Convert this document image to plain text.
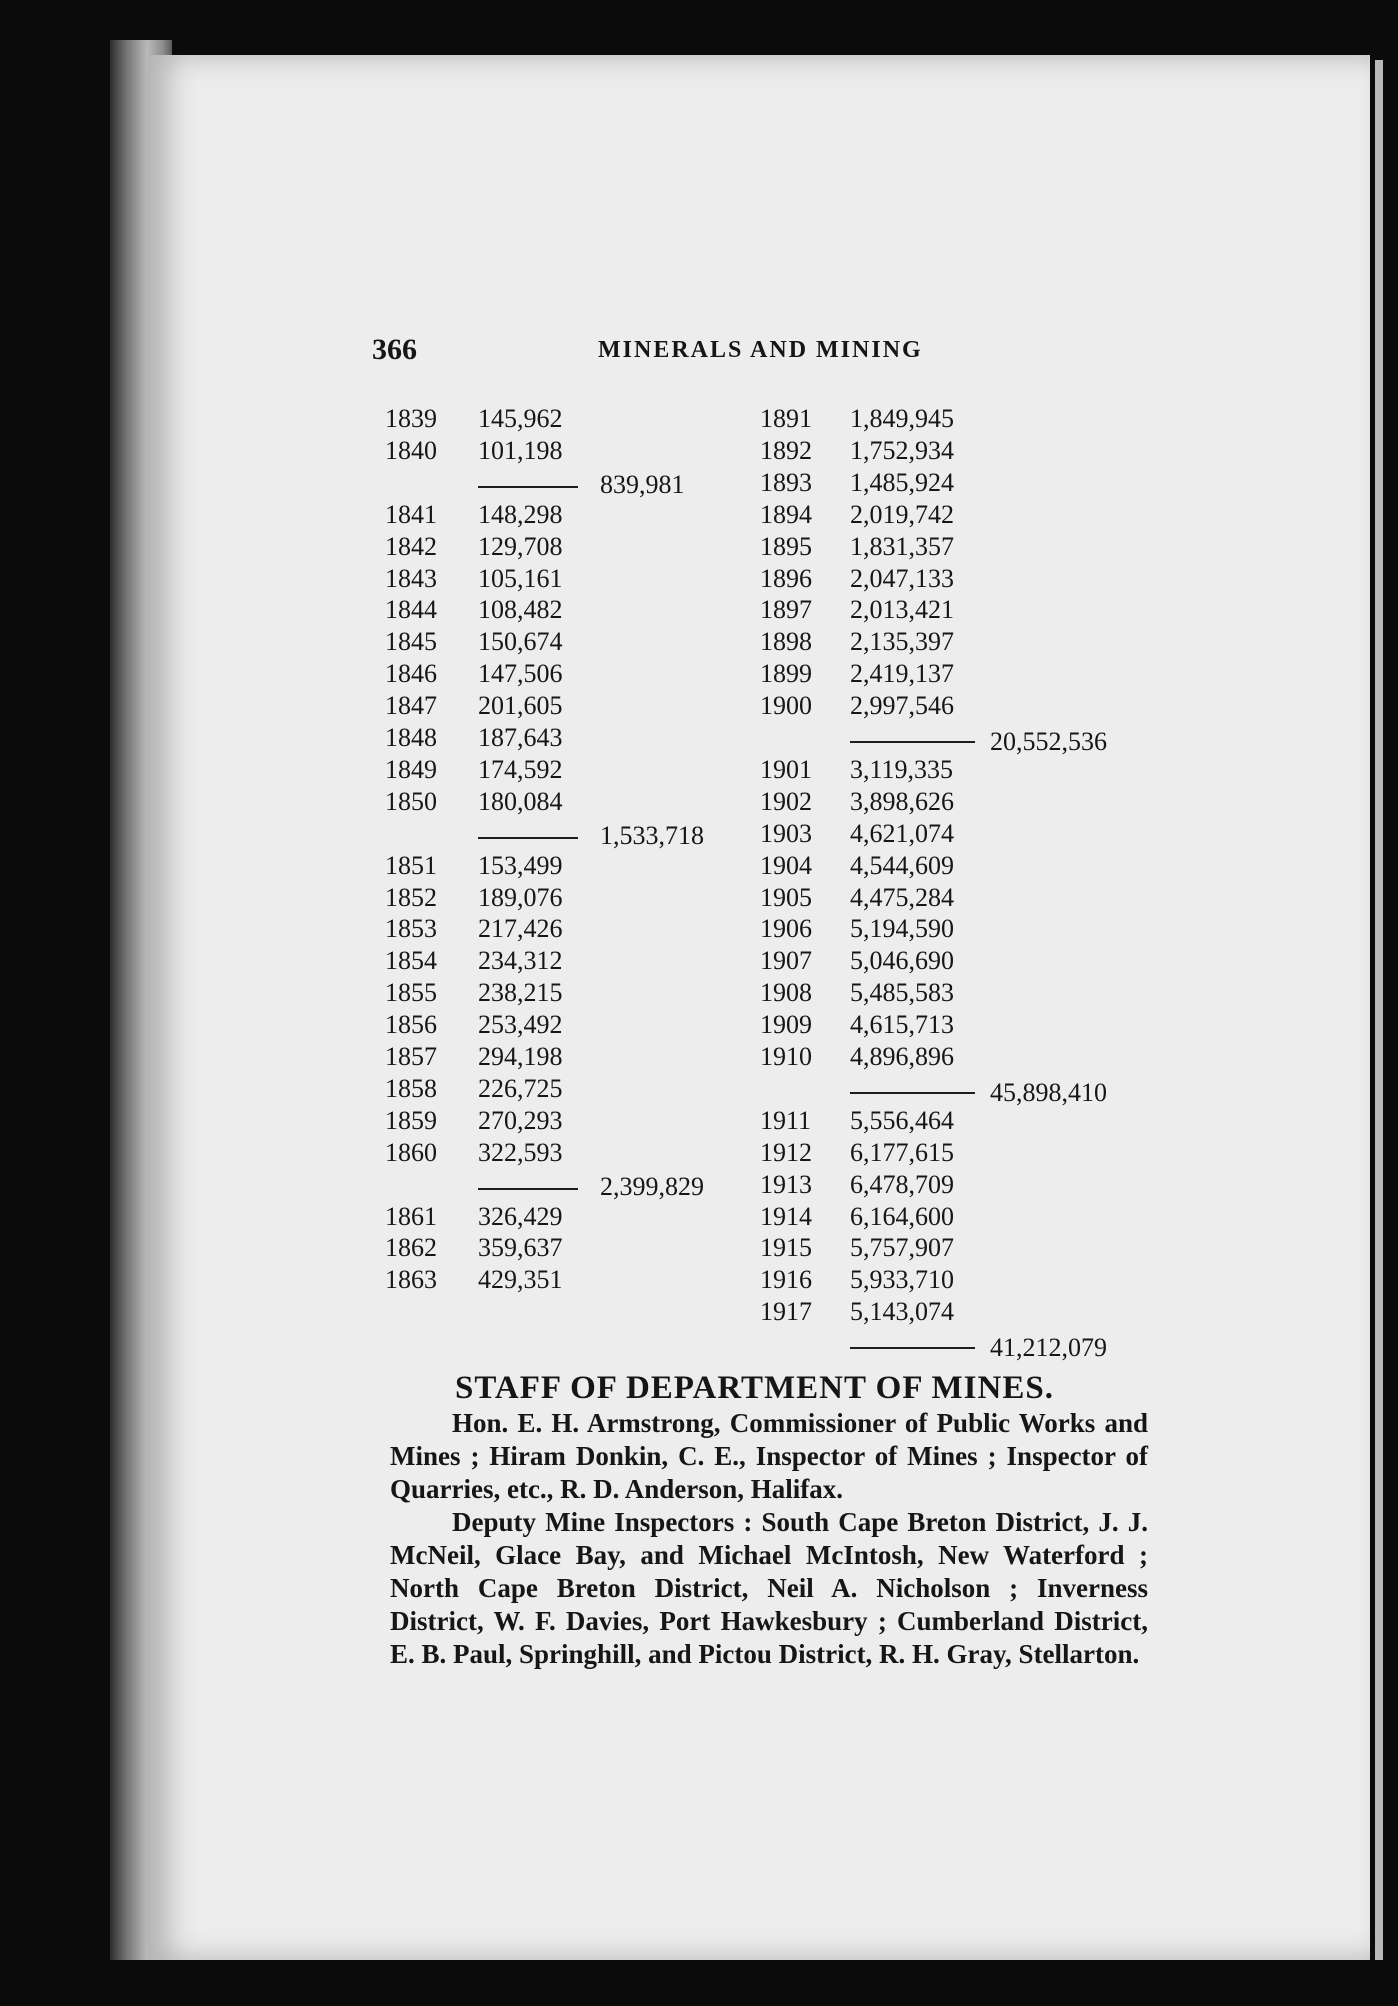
366	MINERALS AND MINING
1839 145,962
1840 101,198
1841 148,298
1842 129,708
1843 105,161
1844 108,482
1845 150,674
1846 147,506
1847 201,605
1848 187,643
1849 174,592
1850 180,084
1851 153,499
1852 189,076
1853 217,426
1854 234,312
1855 238,215
1856 253,492
1857 294,198
1858 226,725
1859 270,293
1860 322,593
1861 326,429
1862 359,637
1863 429,351
839,981
1,533,718
2,399,829
1891 1,849,945
1892 1,752,934
1893 1,485,924
1894 2,019,742
1895 1,831,357
1896 2,047,133
1897 2,013,421
1898 2,135,397
1899 2,419,137
1900 2,997,546
1901 3,119,335
1902 3,898,626
1903 4,621,074
1904 4,544,609
1905 4,475,284
1906 5,194,590
1907 5,046,690
1908 5,485,583
1909 4,615,713
1910 4,896,896
1911 5,556,464
1912 6,177,615
1913 6,478,709
1914 6,164,600
1915 5,757,907
1916 5,933,710
1917 5,143,074
20,552,536
45,898,410
41,212,079
STAFF OF DEPARTMENT OF MINES.

Hon. E. H. Armstrong, Commissioner of Public Works and Mines ; Hiram Donkin, C. E., Inspector of Mines ; Inspector of Quarries, etc., R. D. Anderson, Halifax.

Deputy Mine Inspectors : South Cape Breton District, J. J. McNeil, Glace Bay, and Michael McIntosh, New Waterford ; North Cape Breton District, Neil A. Nicholson ; Inverness District, W. F. Davies, Port Hawkesbury ; Cumberland District, E. B. Paul, Springhill, and Pictou District, R. H. Gray, Stellarton.
